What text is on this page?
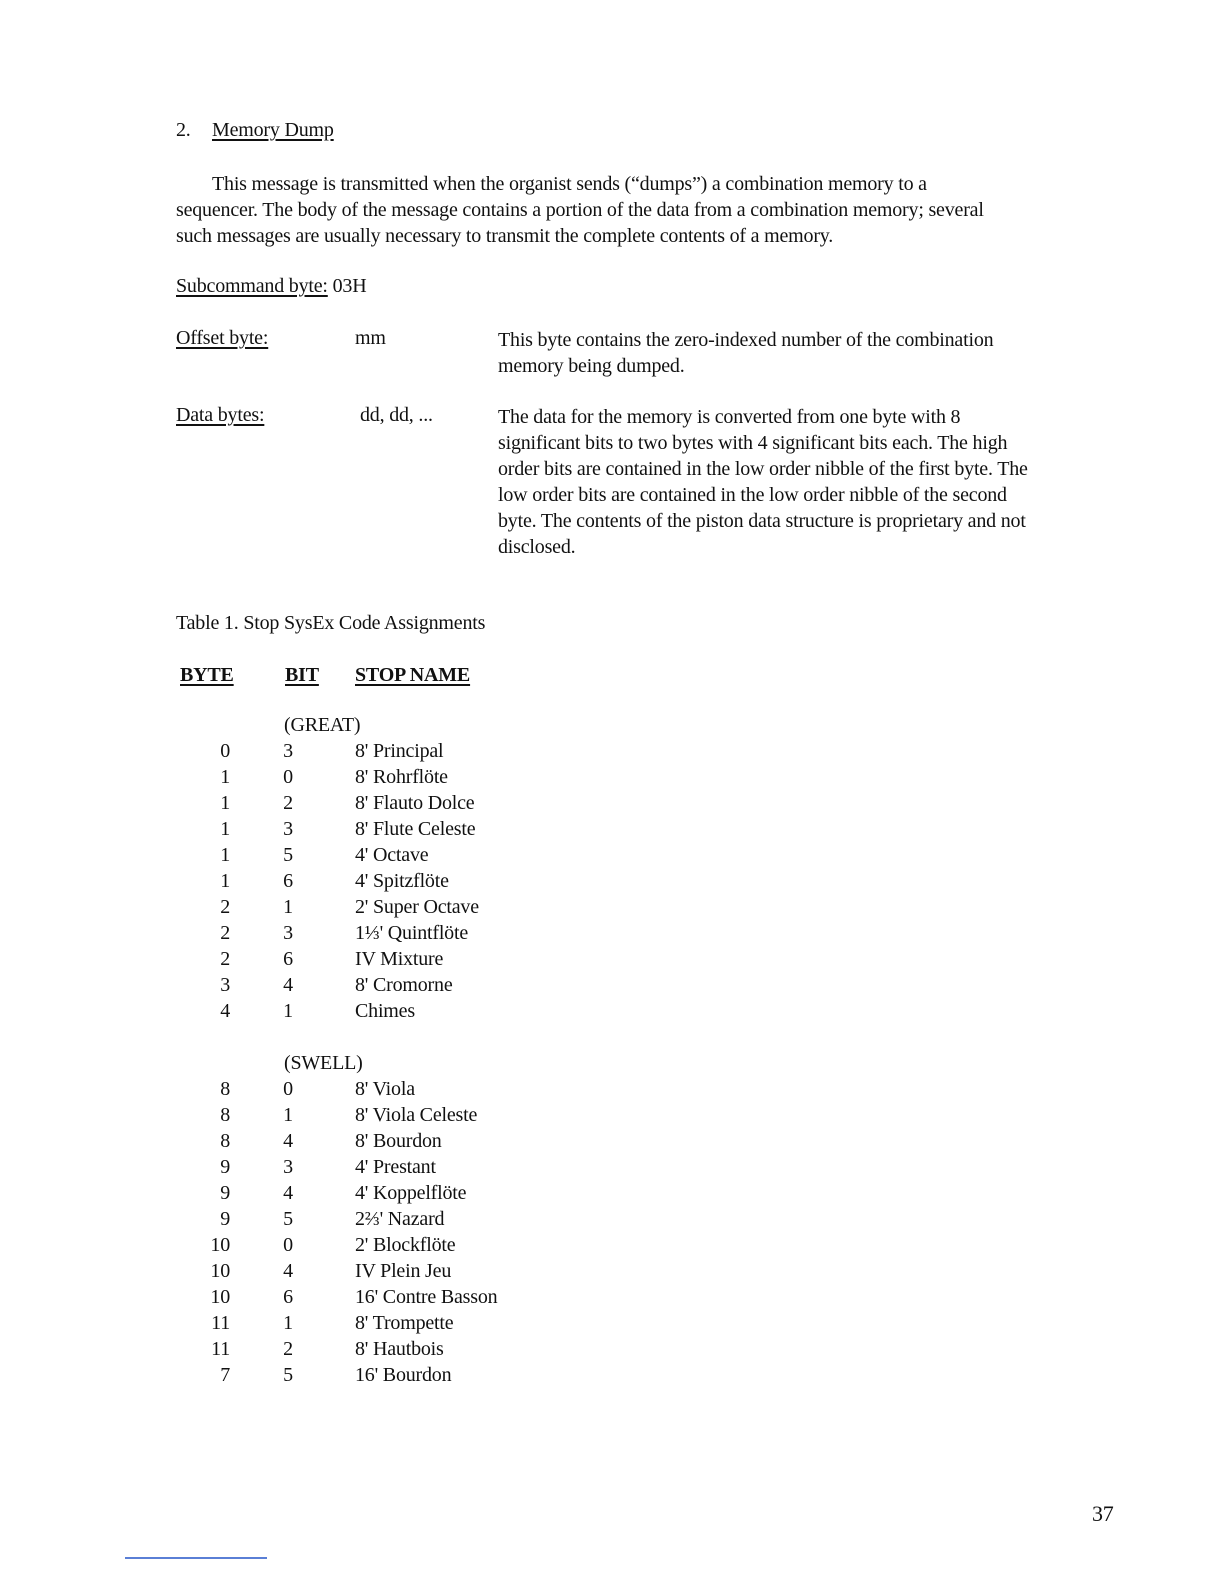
2. Memory Dump
This message is transmitted when the organist sends (“dumps”) a combination memory to a
sequencer. The body of the message contains a portion of the data from a combination memory; several
such messages are usually necessary to transmit the complete contents of a memory.
Subcommand byte: 03H
Offset byte:	mm	This byte contains the zero-indexed number of the combination
memory being dumped.
Data bytes:	dd, dd, ...	The data for the memory is converted from one byte with 8
significant bits to two bytes with 4 significant bits each. The high
order bits are contained in the low order nibble of the first byte. The
low order bits are contained in the low order nibble of the second
byte. The contents of the piston data structure is proprietary and not
disclosed.
Table 1. Stop SysEx Code Assignments
BYTE	BIT STOP NAME
(GREAT)
0	3	8' Principal
1	0	8' Rohrflöte
1	2	8' Flauto Dolce
1	3	8' Flute Celeste
1	5	4' Octave
1	6	4' Spitzflöte
2	1	2' Super Octave
2	3	1⅓' Quintflöte
2	6	IV Mixture
3	4	8' Cromorne
4	1	Chimes
(SWELL)
8	0	8' Viola
8	1	8' Viola Celeste
8	4	8' Bourdon
9	3	4' Prestant
9	4	4' Koppelflöte
9	5	2⅔' Nazard
10	0	2' Blockflöte
10	4	IV Plein Jeu
10	6	16' Contre Basson
11	1	8' Trompette
11	2	8' Hautbois
7	5	16' Bourdon
37
